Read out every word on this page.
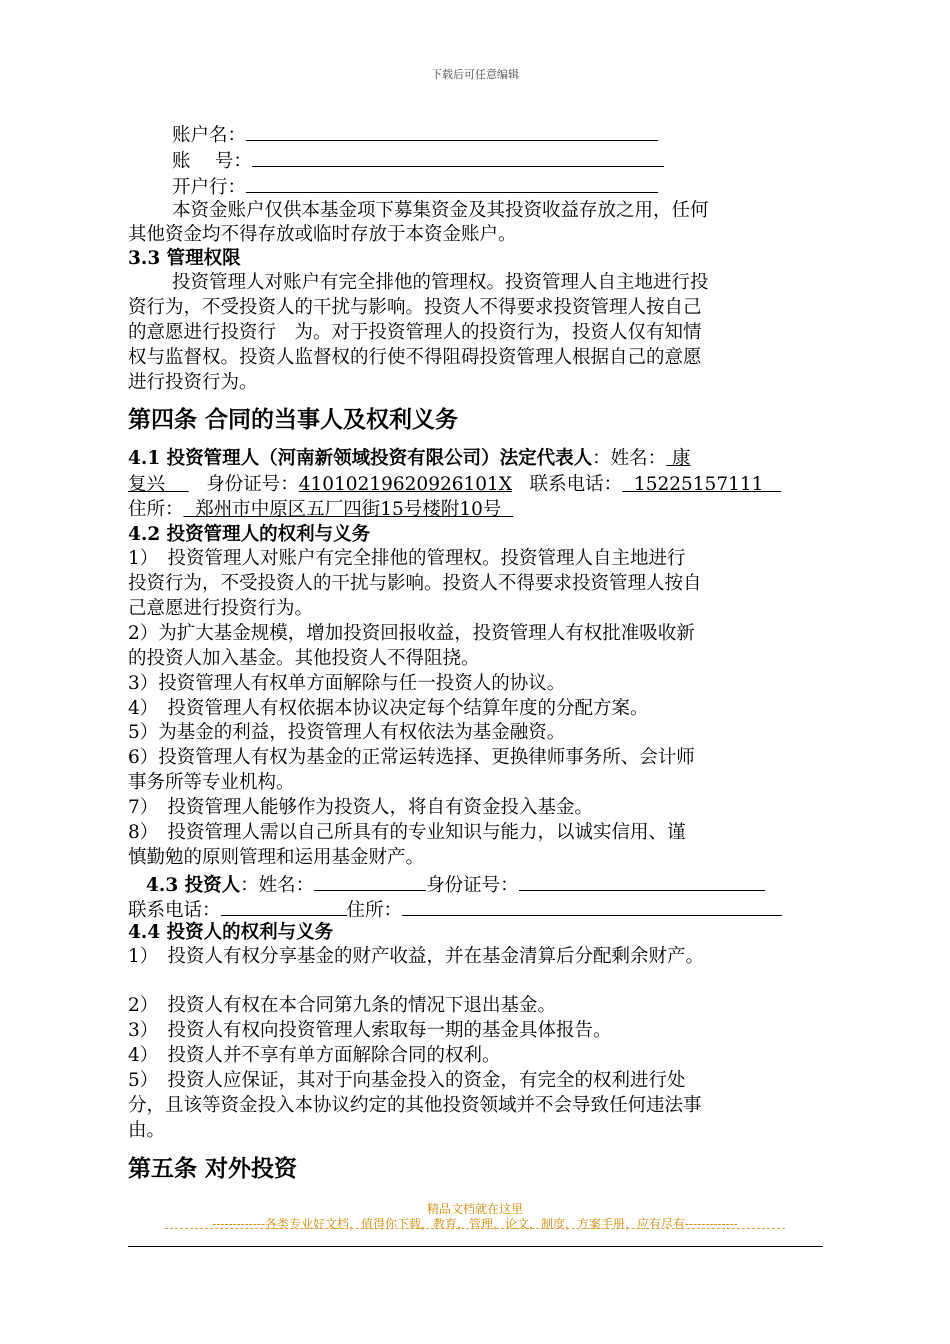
下载后可任意编辑
账户名：
账　 号：
开户行：
本资金账户仅供本基金项下募集资金及其投资收益存放之用，任何
其他资金均不得存放或临时存放于本资金账户。
3.3 管理权限
投资管理人对账户有完全排他的管理权。投资管理人自主地进行投
资行为，不受投资人的干扰与影响。投资人不得要求投资管理人按自己
的意愿进行投资行　为。对于投资管理人的投资行为，投资人仅有知情
权与监督权。投资人监督权的行使不得阻碍投资管理人根据自己的意愿
进行投资行为。
第四条 合同的当事人及权利义务
4.1 投资管理人（河南新领域投资有限公司）法定代表人：姓名： 康
复兴 身份证号：41010219620926101X 联系电话： 15225157111
住所： 郑州市中原区五厂四街15号楼附10号
4.2 投资管理人的权利与义务
1）　投资管理人对账户有完全排他的管理权。投资管理人自主地进行
投资行为，不受投资人的干扰与影响。投资人不得要求投资管理人按自
己意愿进行投资行为。
2）为扩大基金规模，增加投资回报收益，投资管理人有权批准吸收新
的投资人加入基金。其他投资人不得阻挠。
3）投资管理人有权单方面解除与任一投资人的协议。
4）　投资管理人有权依据本协议决定每个结算年度的分配方案。
5）为基金的利益，投资管理人有权依法为基金融资。
6）投资管理人有权为基金的正常运转选择、更换律师事务所、会计师
事务所等专业机构。
7）　投资管理人能够作为投资人，将自有资金投入基金。
8）　投资管理人需以自己所具有的专业知识与能力，以诚实信用、谨
慎勤勉的原则管理和运用基金财产。
4.3 投资人：姓名：	身份证号：
联系电话：	住所：
4.4 投资人的权利与义务
1）　投资人有权分享基金的财产收益，并在基金清算后分配剩余财产。
2）　投资人有权在本合同第九条的情况下退出基金。
3）　投资人有权向投资管理人索取每一期的基金具体报告。
4）　投资人并不享有单方面解除合同的权利。
5）　投资人应保证，其对于向基金投入的资金，有完全的权利进行处
分，且该等资金投入本协议约定的其他投资领域并不会导致任何违法事
由。
第五条 对外投资
精品文档就在这里
-------------各类专业好文档，值得你下载，教育，管理，论文，制度，方案手册，应有尽有-------------
